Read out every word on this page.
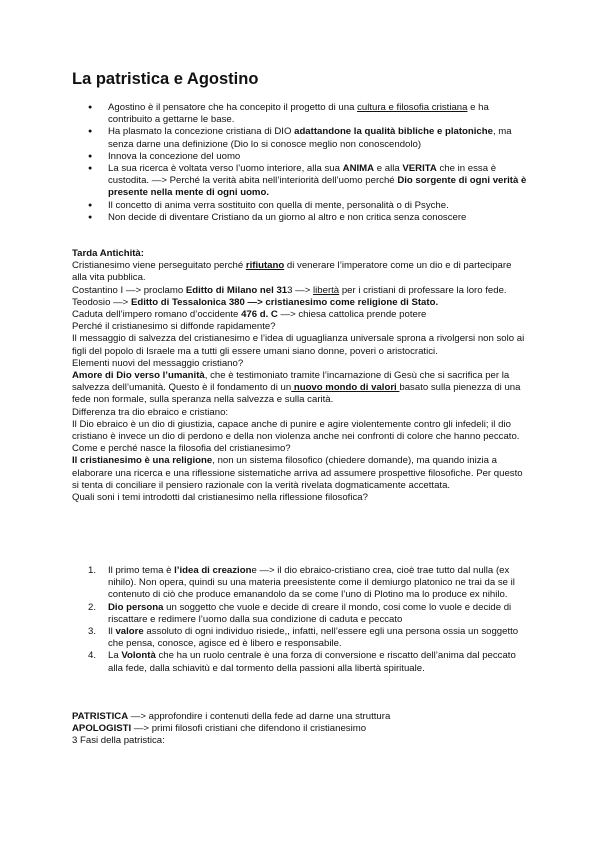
La patristica e Agostino
● Agostino è il pensatore che ha concepito il progetto di una cultura e filosofia cristiana e ha contribuito a gettarne le base.
● Ha plasmato la concezione cristiana di DIO adattandone la qualità bibliche e platoniche, ma senza darne una definizione (Dio lo si conosce meglio non conoscendolo)
● Innova la concezione del uomo
● La sua ricerca è voltata verso l’uomo interiore, alla sua ANIMA e alla VERITA che in essa è custodita. —> Perché la verità abita nell’interiorità dell’uomo perché Dio sorgente di ogni verità è presente nella mente di ogni uomo.
● Il concetto di anima verra sostituito con quella di mente, personalità o di Psyche.
● Non decide di diventare Cristiano da un giorno al altro e non critica senza conoscere

Tarda Antichità:

Cristianesimo viene perseguitato perché rifiutano di venerare l’imperatore come un dio e di partecipare alla vita pubblica.

Costantino I —> proclamo Editto di Milano nel 313 —> libertà per i cristiani di professare la loro fede.

Teodosio —> Editto di Tessalonica 380 —> cristianesimo come religione di Stato.

Caduta dell’impero romano d’occidente 476 d. C —> chiesa cattolica prende potere

Perché il cristianesimo si diffonde rapidamente?

Il messaggio di salvezza del cristianesimo e l’idea di uguaglianza universale sprona a rivolgersi non solo ai figli del popolo di Israele ma a tutti gli essere umani siano donne, poveri o aristocratici.

Elementi nuovi del messaggio cristiano?

Amore di Dio verso l’umanità, che è testimoniato tramite l’incarnazione di Gesù che si sacrifica per la salvezza dell’umanità. Questo è il fondamento di un nuovo mondo di valori basato sulla pienezza di una fede non formale, sulla speranza nella salvezza e sulla carità.

Differenza tra dio ebraico e cristiano:

Il Dio ebraico è un dio di giustizia, capace anche di punire e agire violentemente contro gli infedeli; il dio cristiano è invece un dio di perdono e della non violenza anche nei confronti di colore che hanno peccato.

Come e perché nasce la filosofia del cristianesimo?

Il cristianesimo è una religione, non un sistema filosofico (chiedere domande), ma quando inizia a elaborare una ricerca e una riflessione sistematiche arriva ad assumere prospettive filosofiche. Per questo si tenta di conciliare il pensiero razionale con la verità rivelata dogmaticamente accettata.

Quali soni i temi introdotti dal cristianesimo nella riflessione filosofica?

1. Il primo tema è l’idea di creazione —> il dio ebraico-cristiano crea, cioè trae tutto dal nulla (ex nihilo). Non opera, quindi su una materia preesistente come il demiurgo platonico ne trai da se il contenuto di ciò che produce emanandolo da se come l’uno di Plotino ma lo produce ex nihilo.
2. Dio persona un soggetto che vuole e decide di creare il mondo, cosi come lo vuole e decide di riscattare e redimere l’uomo dalla sua condizione di caduta e peccato
3. Il valore assoluto di ogni individuo risiede,, infatti, nell’essere egli una persona ossia un soggetto che pensa, conosce, agisce ed è libero e responsabile.
4. La Volontà che ha un ruolo centrale è una forza di conversione e riscatto dell’anima dal peccato alla fede, dalla schiavitù e dal tormento della passioni alla libertà spirituale.

PATRISTICA —> approfondire i contenuti della fede ad darne una struttura

APOLOGISTI —> primi filosofi cristiani che difendono il cristianesimo

3 Fasi della patristica:
